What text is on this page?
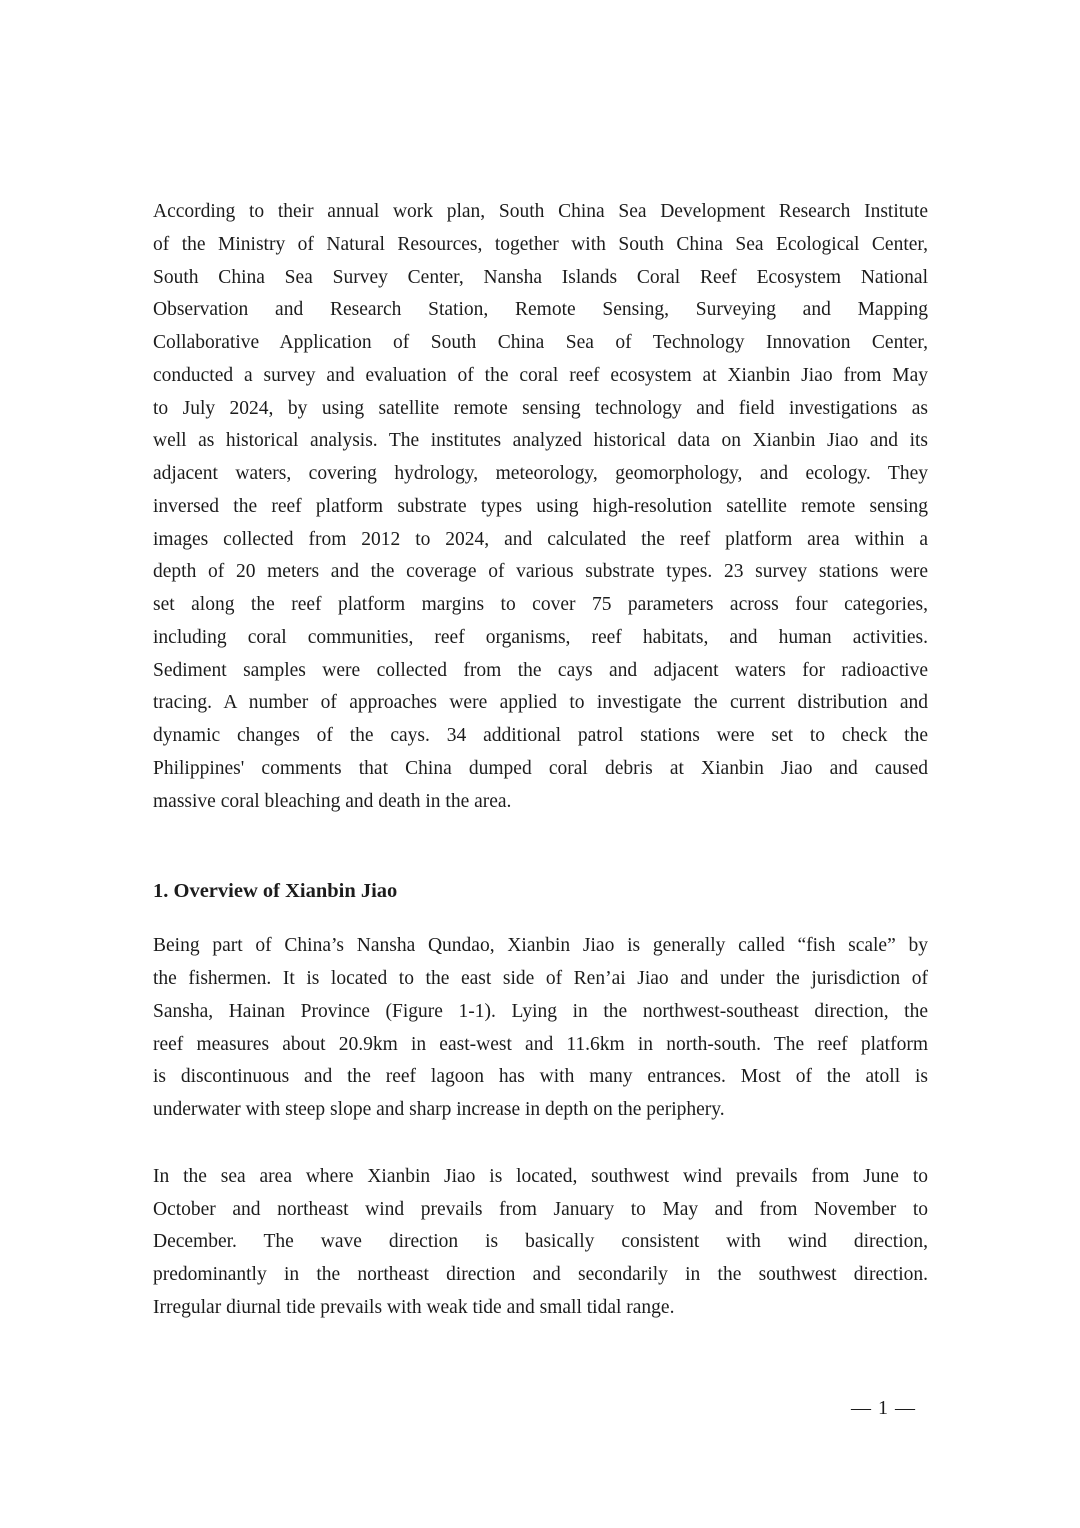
According to their annual work plan, South China Sea Development Research Institute
of the Ministry of Natural Resources, together with South China Sea Ecological Center,
South China Sea Survey Center, Nansha Islands Coral Reef Ecosystem National
Observation and Research Station, Remote Sensing, Surveying and Mapping
Collaborative Application of South China Sea of Technology Innovation Center,
conducted a survey and evaluation of the coral reef ecosystem at Xianbin Jiao from May
to July 2024, by using satellite remote sensing technology and field investigations as
well as historical analysis. The institutes analyzed historical data on Xianbin Jiao and its
adjacent waters, covering hydrology, meteorology, geomorphology, and ecology. They
inversed the reef platform substrate types using high-resolution satellite remote sensing
images collected from 2012 to 2024, and calculated the reef platform area within a
depth of 20 meters and the coverage of various substrate types. 23 survey stations were
set along the reef platform margins to cover 75 parameters across four categories,
including coral communities, reef organisms, reef habitats, and human activities.
Sediment samples were collected from the cays and adjacent waters for radioactive
tracing. A number of approaches were applied to investigate the current distribution and
dynamic changes of the cays. 34 additional patrol stations were set to check the
Philippines' comments that China dumped coral debris at Xianbin Jiao and caused
massive coral bleaching and death in the area.

1. Overview of Xianbin Jiao

Being part of China’s Nansha Qundao, Xianbin Jiao is generally called “fish scale” by
the fishermen. It is located to the east side of Ren’ai Jiao and under the jurisdiction of
Sansha, Hainan Province (Figure 1-1). Lying in the northwest-southeast direction, the
reef measures about 20.9km in east-west and 11.6km in north-south. The reef platform
is discontinuous and the reef lagoon has with many entrances. Most of the atoll is
underwater with steep slope and sharp increase in depth on the periphery.

In the sea area where Xianbin Jiao is located, southwest wind prevails from June to
October and northeast wind prevails from January to May and from November to
December. The wave direction is basically consistent with wind direction,
predominantly in the northeast direction and secondarily in the southwest direction.
Irregular diurnal tide prevails with weak tide and small tidal range.

— 1 —
